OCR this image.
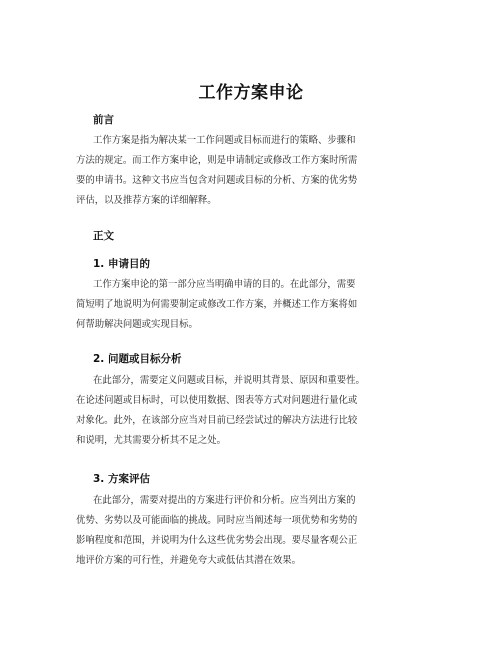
工作方案申论
前言
工作方案是指为解决某一工作问题或目标而进行的策略、步骤和
方法的规定。而工作方案申论，则是申请制定或修改工作方案时所需
要的申请书。这种文书应当包含对问题或目标的分析、方案的优劣势
评估，以及推荐方案的详细解释。
正文
1. 申请目的
工作方案申论的第一部分应当明确申请的目的。在此部分，需要
简短明了地说明为何需要制定或修改工作方案，并概述工作方案将如
何帮助解决问题或实现目标。
2. 问题或目标分析
在此部分，需要定义问题或目标，并说明其背景、原因和重要性。
在论述问题或目标时，可以使用数据、图表等方式对问题进行量化或
对象化。此外，在该部分应当对目前已经尝试过的解决方法进行比较
和说明，尤其需要分析其不足之处。
3. 方案评估
在此部分，需要对提出的方案进行评价和分析。应当列出方案的
优势、劣势以及可能面临的挑战。同时应当阐述每一项优势和劣势的
影响程度和范围，并说明为什么这些优劣势会出现。要尽量客观公正
地评价方案的可行性，并避免夸大或低估其潜在效果。
